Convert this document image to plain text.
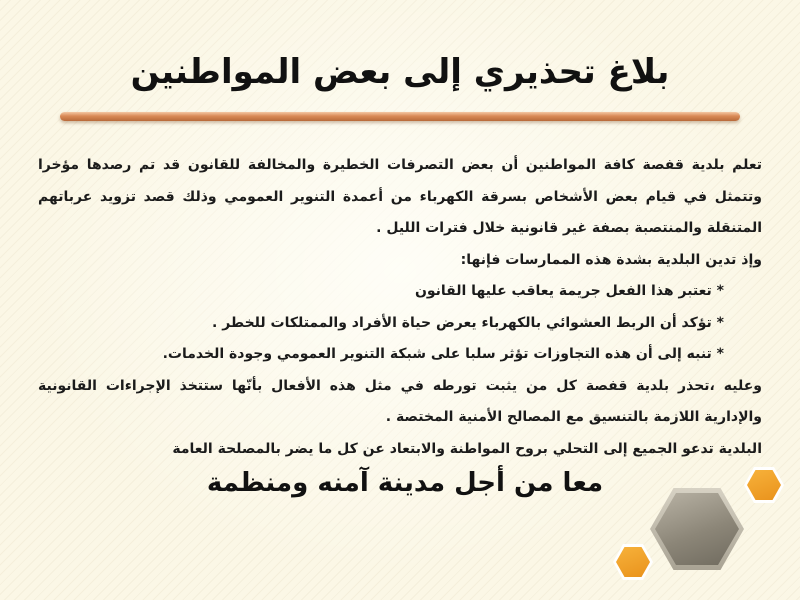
بلاغ تحذيري إلى بعض المواطنين

تعلم بلدية قفصة كافة المواطنين أن بعض التصرفات الخطيرة والمخالفة للقانون قد تم رصدها مؤخرا وتتمثل في قيام بعض الأشخاص بسرقة الكهرباء من أعمدة التنوير العمومي وذلك قصد تزويد عرباتهم المتنقلة والمنتصبة بصفة غير قانونية خلال فترات الليل .

وإذ تدين البلدية بشدة هذه الممارسات فإنها:

* تعتبر هذا الفعل جريمة يعاقب عليها القانون

* تؤكد أن الربط العشوائي بالكهرباء يعرض حياة الأفراد والممتلكات للخطر .

* تنبه إلى أن هذه التجاوزات تؤثر سلبا على شبكة التنوير العمومي وجودة الخدمات.

وعليه ،تحذر بلدية قفصة كل من يثبت تورطه في مثل هذه الأفعال بأنّها ستتخذ الإجراءات القانونية والإدارية اللازمة بالتنسيق مع المصالح الأمنية المختصة .

البلدية تدعو الجميع إلى التحلي بروح المواطنة والابتعاد عن كل ما يضر بالمصلحة العامة

معا من أجل مدينة آمنه ومنظمة
